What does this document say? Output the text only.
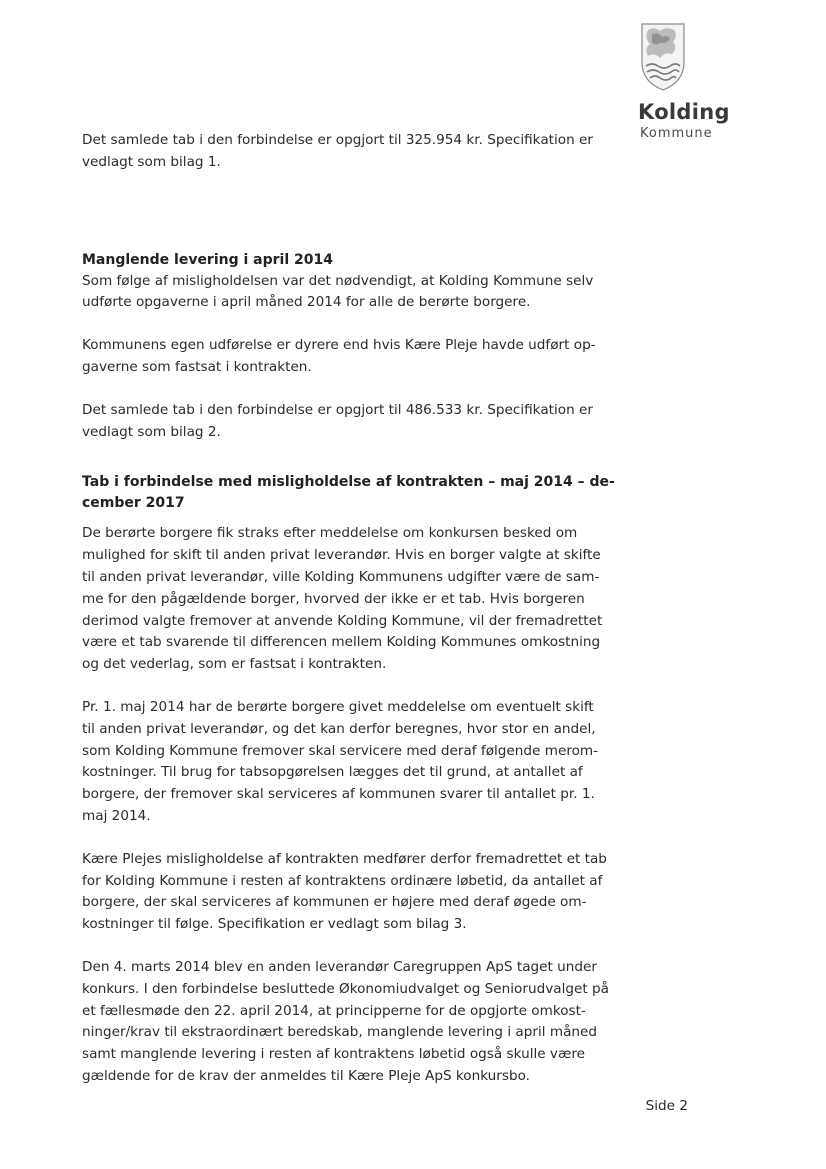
Kolding
Kommune

Det samlede tab i den forbindelse er opgjort til 325.954 kr. Specifikation er
vedlagt som bilag 1.

Manglende levering i april 2014

Som følge af misligholdelsen var det nødvendigt, at Kolding Kommune selv
udførte opgaverne i april måned 2014 for alle de berørte borgere.

Kommunens egen udførelse er dyrere end hvis Kære Pleje havde udført op-
gaverne som fastsat i kontrakten.

Det samlede tab i den forbindelse er opgjort til 486.533 kr. Specifikation er
vedlagt som bilag 2.

Tab i forbindelse med misligholdelse af kontrakten – maj 2014 – de-
cember 2017

De berørte borgere fik straks efter meddelelse om konkursen besked om
mulighed for skift til anden privat leverandør. Hvis en borger valgte at skifte
til anden privat leverandør, ville Kolding Kommunens udgifter være de sam-
me for den pågældende borger, hvorved der ikke er et tab. Hvis borgeren
derimod valgte fremover at anvende Kolding Kommune, vil der fremadrettet
være et tab svarende til differencen mellem Kolding Kommunes omkostning
og det vederlag, som er fastsat i kontrakten.

Pr. 1. maj 2014 har de berørte borgere givet meddelelse om eventuelt skift
til anden privat leverandør, og det kan derfor beregnes, hvor stor en andel,
som Kolding Kommune fremover skal servicere med deraf følgende merom-
kostninger. Til brug for tabsopgørelsen lægges det til grund, at antallet af
borgere, der fremover skal serviceres af kommunen svarer til antallet pr. 1.
maj 2014.

Kære Plejes misligholdelse af kontrakten medfører derfor fremadrettet et tab
for Kolding Kommune i resten af kontraktens ordinære løbetid, da antallet af
borgere, der skal serviceres af kommunen er højere med deraf øgede om-
kostninger til følge. Specifikation er vedlagt som bilag 3.

Den 4. marts 2014 blev en anden leverandør Caregruppen ApS taget under
konkurs. I den forbindelse besluttede Økonomiudvalget og Seniorudvalget på
et fællesmøde den 22. april 2014, at principperne for de opgjorte omkost-
ninger/krav til ekstraordinært beredskab, manglende levering i april måned
samt manglende levering i resten af kontraktens løbetid også skulle være
gældende for de krav der anmeldes til Kære Pleje ApS konkursbo.

Side 2
